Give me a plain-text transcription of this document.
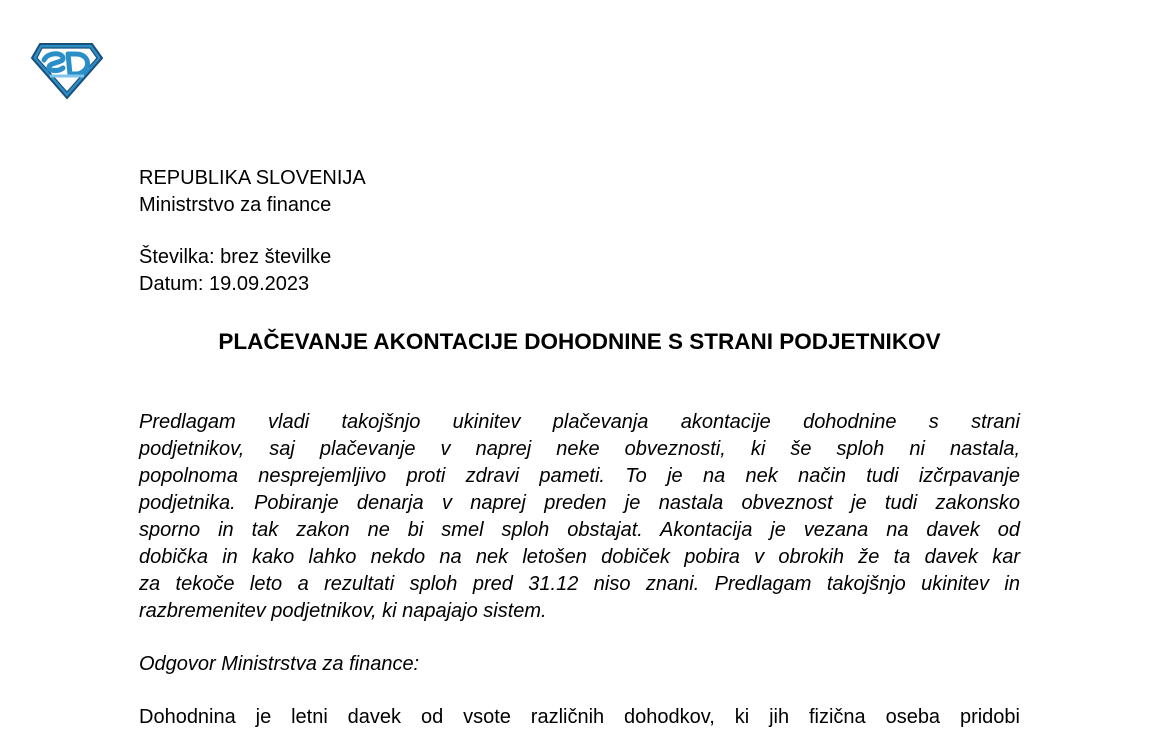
REPUBLIKA SLOVENIJA
Ministrstvo za finance
Številka: brez številke
Datum: 19.09.2023
PLAČEVANJE AKONTACIJE DOHODNINE S STRANI PODJETNIKOV
Predlagam vladi takojšnjo ukinitev plačevanja akontacije dohodnine s strani
podjetnikov, saj plačevanje v naprej neke obveznosti, ki še sploh ni nastala,
popolnoma nesprejemljivo proti zdravi pameti. To je na nek način tudi izčrpavanje
podjetnika. Pobiranje denarja v naprej preden je nastala obveznost je tudi zakonsko
sporno in tak zakon ne bi smel sploh obstajat. Akontacija je vezana na davek od
dobička in kako lahko nekdo na nek letošen dobiček pobira v obrokih že ta davek kar
za tekoče leto a rezultati sploh pred 31.12 niso znani. Predlagam takojšnjo ukinitev in
razbremenitev podjetnikov, ki napajajo sistem.
Odgovor Ministrstva za finance:
Dohodnina je letni davek od vsote različnih dohodkov, ki jih fizična oseba pridobi
